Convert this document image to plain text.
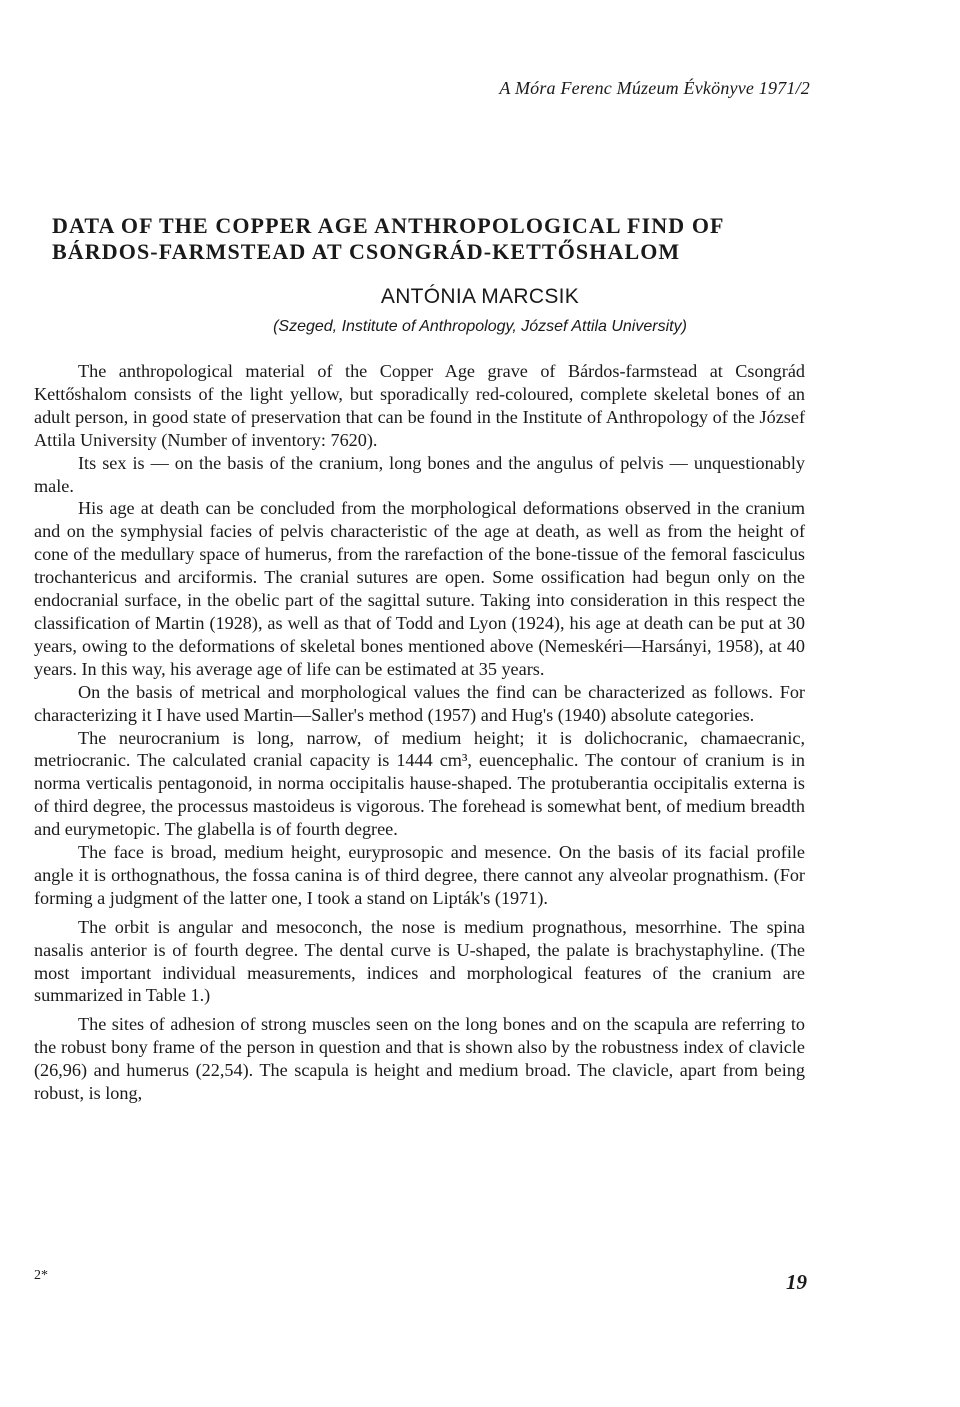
A Móra Ferenc Múzeum Évkönyve 1971/2
DATA OF THE COPPER AGE ANTHROPOLOGICAL FIND OF
BÁRDOS-FARMSTEAD AT CSONGRÁD-KETTŐSHALOM

ANTÓNIA MARCSIK

(Szeged, Institute of Anthropology, József Attila University)

The anthropological material of the Copper Age grave of Bárdos-farmstead at Csongrád Kettőshalom consists of the light yellow, but sporadically red-coloured, complete skeletal bones of an adult person, in good state of preservation that can be found in the Institute of Anthropology of the József Attila University (Number of inventory: 7620).

Its sex is — on the basis of the cranium, long bones and the angulus of pelvis — unquestionably male.

His age at death can be concluded from the morphological deformations observed in the cranium and on the symphysial facies of pelvis characteristic of the age at death, as well as from the height of cone of the medullary space of humerus, from the rarefaction of the bone-tissue of the femoral fasciculus trochantericus and arciformis. The cranial sutures are open. Some ossification had begun only on the endocranial surface, in the obelic part of the sagittal suture. Taking into consideration in this respect the classification of Martin (1928), as well as that of Todd and Lyon (1924), his age at death can be put at 30 years, owing to the deformations of skeletal bones mentioned above (Nemeskéri—Harsányi, 1958), at 40 years. In this way, his average age of life can be estimated at 35 years.

On the basis of metrical and morphological values the find can be characterized as follows. For characterizing it I have used Martin—Saller's method (1957) and Hug's (1940) absolute categories.

The neurocranium is long, narrow, of medium height; it is dolichocranic, chamaecranic, metriocranic. The calculated cranial capacity is 1444 cm³, euencephalic. The contour of cranium is in norma verticalis pentagonoid, in norma occipitalis hause-shaped. The protuberantia occipitalis externa is of third degree, the processus mastoideus is vigorous. The forehead is somewhat bent, of medium breadth and eurymetopic. The glabella is of fourth degree.

The face is broad, medium height, euryprosopic and mesence. On the basis of its facial profile angle it is orthognathous, the fossa canina is of third degree, there cannot any alveolar prognathism. (For forming a judgment of the latter one, I took a stand on Lipták's (1971).

The orbit is angular and mesoconch, the nose is medium prognathous, mesorrhine. The spina nasalis anterior is of fourth degree. The dental curve is U-shaped, the palate is brachystaphyline. (The most important individual measurements, indices and morphological features of the cranium are summarized in Table 1.)

The sites of adhesion of strong muscles seen on the long bones and on the scapula are referring to the robust bony frame of the person in question and that is shown also by the robustness index of clavicle (26,96) and humerus (22,54). The scapula is height and medium broad. The clavicle, apart from being robust, is long,

2*	19
